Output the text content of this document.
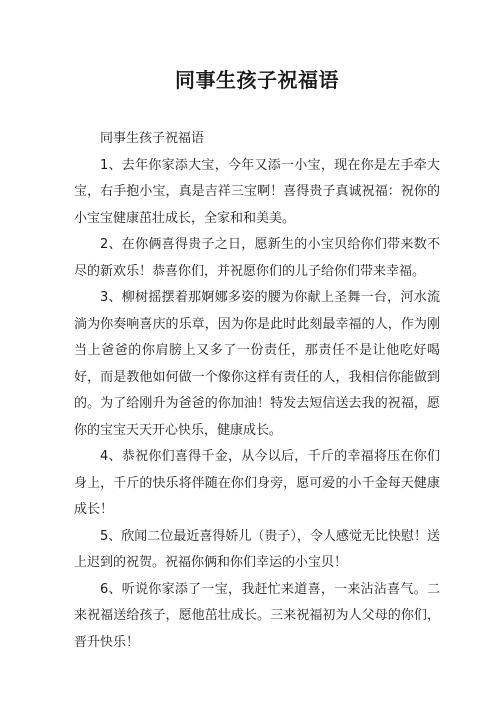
同事生孩子祝福语

同事生孩子祝福语

1、去年你家添大宝，今年又添一小宝，现在你是左手牵大宝，右手抱小宝，真是吉祥三宝啊！喜得贵子真诚祝福：祝你的小宝宝健康茁壮成长，全家和和美美。

2、在你俩喜得贵子之日，愿新生的小宝贝给你们带来数不尽的新欢乐！恭喜你们，并祝愿你们的儿子给你们带来幸福。

3、柳树摇摆着那婀娜多姿的腰为你献上圣舞一台，河水流淌为你奏响喜庆的乐章，因为你是此时此刻最幸福的人，作为刚当上爸爸的你肩膀上又多了一份责任，那责任不是让他吃好喝好，而是教他如何做一个像你这样有责任的人，我相信你能做到的。为了给刚升为爸爸的你加油！特发去短信送去我的祝福，愿你的宝宝天天开心快乐，健康成长。

4、恭祝你们喜得千金，从今以后，千斤的幸福将压在你们身上，千斤的快乐将伴随在你们身旁，愿可爱的小千金每天健康成长！

5、欣闻二位最近喜得娇儿（贵子），令人感觉无比快慰！送上迟到的祝贺。祝福你俩和你们幸运的小宝贝！

6、听说你家添了一宝，我赶忙来道喜，一来沾沾喜气。二来祝福送给孩子，愿他茁壮成长。三来祝福初为人父母的你们，晋升快乐！
